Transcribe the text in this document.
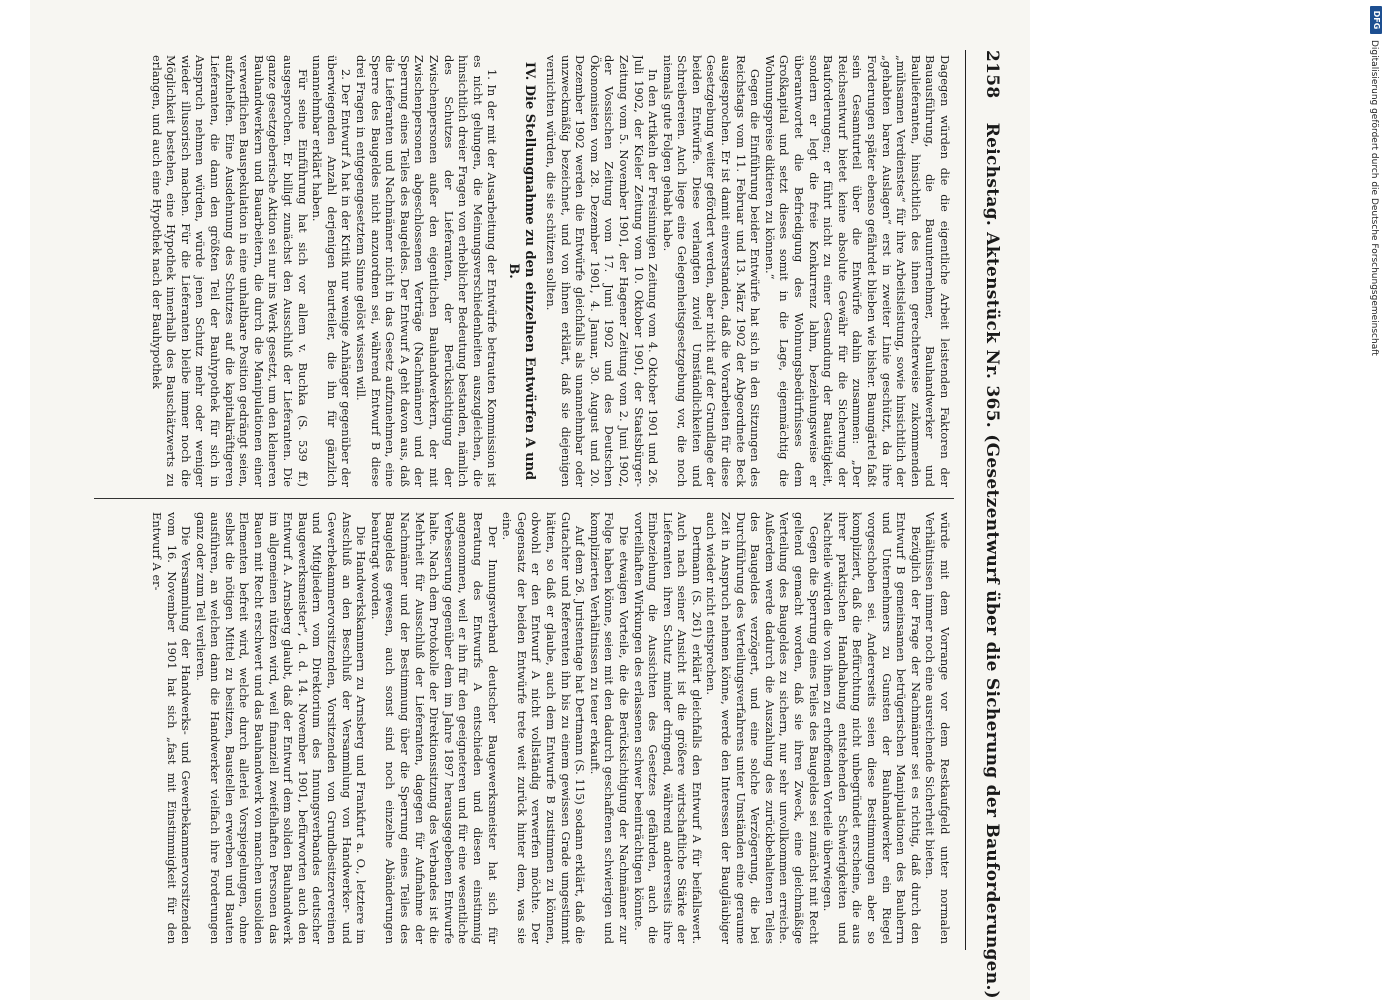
2158 Reichstag. Aktenstück Nr. 365. (Gesetzentwurf über die Sicherung der Bauforderungen.)

Dagegen würden die die eigentliche Arbeit leistenden Faktoren der Bauausführung, die Bauunternehmer, Bauhandwerker und Baulieferanten, hinsichtlich des ihnen gerechterweise zukommenden „mühsamen Verdienstes“ für ihre Arbeitsleistung, sowie hinsichtlich der „gehabten baren Auslagen“ erst in zweiter Linie geschützt, da ihre Forderungen später ebenso gefährdet blieben wie bisher. Baumgärtel faßt sein Gesamturteil über die Entwürfe dahin zusammen: „Der Reichsentwurf bietet keine absolute Gewähr für die Sicherung der Bauforderungen; er führt nicht zu einer Gesundung der Bautätigkeit, sondern er legt die freie Konkurrenz lahm, beziehungsweise er überantwortet die Befriedigung des Wohnungsbedürfnisses dem Großkapital und setzt dieses somit in die Lage, eigenmächtig die Wohnungspreise diktieren zu können.“

Gegen die Einführung beider Entwürfe hat sich in den Sitzungen des Reichstags vom 11. Februar und 13. März 1902 der Abgeordnete Beck ausgesprochen. Er ist damit einverstanden, daß die Vorarbeiten für diese Gesetzgebung weiter gefördert werden, aber nicht auf der Grundlage der beiden Entwürfe. Diese verlangten zuviel Umständlichkeiten und Schreibereien. Auch liege eine Gelegenheitsgesetzgebung vor, die noch niemals gute Folgen gehabt habe.

In den Artikeln der Freisinnigen Zeitung vom 4. Oktober 1901 und 26. Juli 1902, der Kieler Zeitung vom 10. Oktober 1901, der Staatsbürger-Zeitung vom 5. November 1901, der Hagener Zeitung vom 2. Juni 1902, der Vossischen Zeitung vom 17. Juni 1902 und des Deutschen Ökonomisten vom 28. Dezember 1901, 4. Januar, 30. August und 20. Dezember 1902 werden die Entwürfe gleichfalls als unannehmbar oder unzweckmäßig bezeichnet, und von ihnen erklärt, daß sie diejenigen vernichten würden, die sie schützen sollten.

IV. Die Stellungnahme zu den einzelnen Entwürfen A und B.

1. In der mit der Ausarbeitung der Entwürfe betrauten Kommission ist es nicht gelungen, die Meinungsverschiedenheiten auszugleichen, die hinsichtlich dreier Fragen von erheblicher Bedeutung bestanden, nämlich des Schutzes der Lieferanten, der Berücksichtigung der Zwischenpersonen außer den eigentlichen Bauhandwerkern, der mit Zwischenpersonen abgeschlossenen Verträge (Nachmänner) und der Sperrung eines Teiles des Baugeldes. Der Entwurf A geht davon aus, daß die Lieferanten und Nachmänner nicht in das Gesetz aufzunehmen, eine Sperre des Baugeldes nicht anzuordnen sei, während Entwurf B diese drei Fragen in entgegengesetztem Sinne gelöst wissen will.

2. Der Entwurf A hat in der Kritik nur wenige Anhänger gegenüber der überwiegenden Anzahl derjenigen Beurteiler, die ihn für gänzlich unannehmbar erklärt haben.

Für seine Einführung hat sich vor allem v. Buchka (S. 539 ff.) ausgesprochen. Er billigt zunächst den Ausschluß der Lieferanten. Die ganze gesetzgeberische Aktion sei nur ins Werk gesetzt, um den kleineren Bauhandwerkern und Bauarbeitern, die durch die Manipulationen einer verwerflichen Bauspekulation in eine unhaltbare Position gedrängt seien, aufzuhelfen. Eine Ausdehnung des Schutzes auf die kapitalkräftigeren Lieferanten, die dann den größten Teil der Bauhypothek für sich in Anspruch nehmen würden, würde jenen Schutz mehr oder weniger wieder illusorisch machen. Für die Lieferanten bleibe immer noch die Möglichkeit bestehen, eine Hypothek innerhalb des Bauschätzwerts zu erlangen, und auch eine Hypothek nach der Bauhypothek

würde mit dem Vorrange vor dem Restkaufgeld unter normalen Verhältnissen immer noch eine ausreichende Sicherheit bieten.

Bezüglich der Frage der Nachmänner sei es richtig, daß durch den Entwurf B gemeinsamen betrügerischen Manipulationen des Bauherrn und Unternehmers zu Gunsten der Bauhandwerker ein Riegel vorgeschoben sei. Andererseits seien diese Bestimmungen aber so kompliziert, daß die Befürchtung nicht unbegründet erscheine, die aus ihrer praktischen Handhabung entstehenden Schwierigkeiten und Nachteile würden die von ihnen zu erhoffenden Vorteile überwiegen.

Gegen die Sperrung eines Teiles des Baugeldes sei zunächst mit Recht geltend gemacht worden, daß sie ihren Zweck, eine gleichmäßige Verteilung des Baugeldes zu sichern, nur sehr unvollkommen erreiche. Außerdem werde dadurch die Auszahlung des zurückbehaltenen Teiles des Baugeldes verzögert, und eine solche Verzögerung, die bei Durchführung des Verteilungsverfahrens unter Umständen eine geraume Zeit in Anspruch nehmen könne, werde den Interessen der Baugläubiger auch wieder nicht entsprechen.

Dertmann (S. 261) erklärt gleichfalls den Entwurf A für beifallswert. Auch nach seiner Ansicht ist die größere wirtschaftliche Stärke der Lieferanten ihren Schutz minder dringend, während andererseits ihre Einbeziehung die Aussichten des Gesetzes gefährden, auch die vorteilhaften Wirkungen des erlassenen schwer beeinträchtigen könnte.

Die etwaigen Vorteile, die die Berücksichtigung der Nachmänner zur Folge haben könne, seien mit den dadurch geschaffenen schwierigen und komplizierten Verhältnissen zu teuer erkauft.

Auf dem 26. Juristentage hat Dertmann (S. 115) sodann erklärt, daß die Gutachter und Referenten ihn bis zu einem gewissen Grade umgestimmt hätten, so daß er glaube, auch dem Entwurfe B zustimmen zu können, obwohl er den Entwurf A nicht vollständig verwerfen möchte. Der Gegensatz der beiden Entwürfe trete weit zurück hinter dem, was sie eine.

Der Innungsverband deutscher Baugewerksmeister hat sich für Beratung des Entwurfs A entschieden und diesen einstimmig angenommen, weil er ihn für den geeigneteren und für eine wesentliche Verbesserung gegenüber dem im Jahre 1897 herausgegebenen Entwurfe halte. Nach dem Protokolle der Direktionssitzung des Verbandes ist die Mehrheit für Ausschluß der Lieferanten, dagegen für Aufnahme der Nachmänner und der Bestimmung über die Sperrung eines Teiles des Baugeldes gewesen, auch sonst sind noch einzelne Abänderungen beantragt worden.

Die Handwerkskammern zu Arnsberg und Frankfurt a. O., letztere im Anschluß an den Beschluß der Versammlung von Handwerker- und Gewerbekammervorsitzenden, Vorsitzenden von Grundbesitzervereinen und Mitgliedern vom Direktorium des Innungsverbandes deutscher Baugewerksmeister“, d. d. 14. November 1901, befürworten auch den Entwurf A. Arnsberg glaubt, daß der Entwurf dem soliden Bauhandwerk im allgemeinen nützen wird, weil finanziell zweifelhaften Personen das Bauen mit Recht erschwert und das Bauhandwerk von manchen unsoliden Elementen befreit wird, welche durch allerlei Vorspiegelungen, ohne selbst die nötigen Mittel zu besitzen, Baustellen erwerben und Bauten ausführen, an welchen dann die Handwerker vielfach ihre Forderungen ganz oder zum Teil verlieren.

Die Versammlung der Handwerks- und Gewerbekammervorsitzenden vom 16. November 1901 hat sich „fast mit Einstimmigkeit für den Entwurf A er-

DFG
Digitalisierung gefördert durch die Deutsche Forschungsgemeinschaft
